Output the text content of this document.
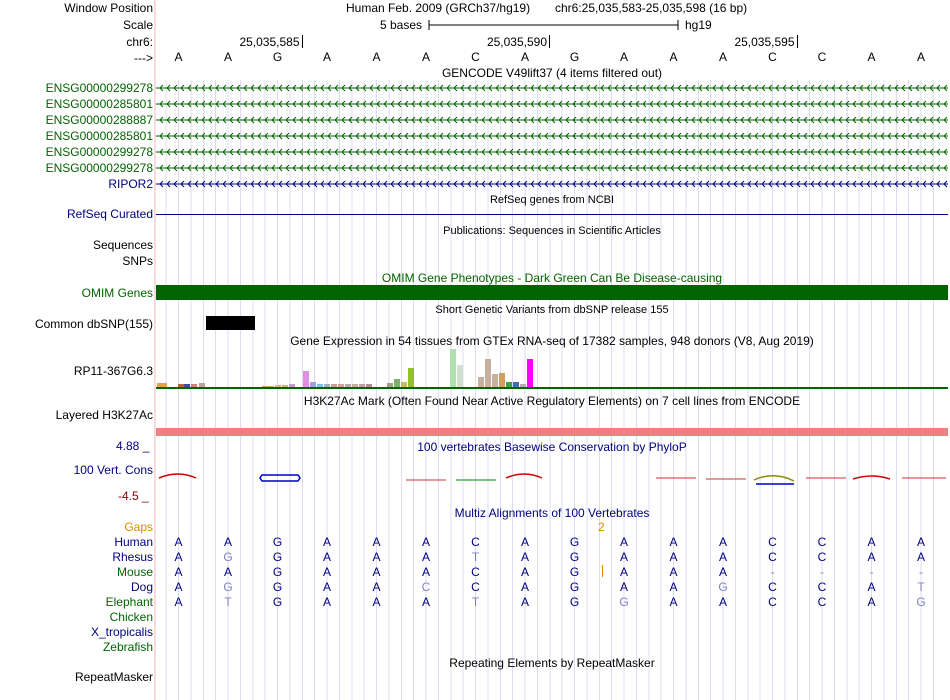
Window Position	Human Feb. 2009 (GRCh37/hg19) chr6:25,035,583-25,035,598 (16 bp)
Scale	5 bases	hg19
chr6:	25,035,585	25,035,590	25,035,595
---> A	A	G	A	A	A	C	A	G	A	A	A	C	C	A	A
GENCODE V49lift37 (4 items filtered out)
ENSG00000299278
ENSG00000285801
ENSG00000288887
ENSG00000285801
ENSG00000299278
ENSG00000299278
RIPOR2
RefSeq genes from NCBI
RefSeq Curated
Publications: Sequences in Scientific Articles
Sequences
SNPs
OMIM Gene Phenotypes - Dark Green Can Be Disease-causing
OMIM Genes
Short Genetic Variants from dbSNP release 155
Common dbSNP(155)
Gene Expression in 54 tissues from GTEx RNA-seq of 17382 samples, 948 donors (V8, Aug 2019)
RP11-367G6.3
H3K27Ac Mark (Often Found Near Active Regulatory Elements) on 7 cell lines from ENCODE
Layered H3K27Ac
4.88 _	100 vertebrates Basewise Conservation by PhyloP
100 Vert. Cons
-4.5 _
Multiz Alignments of 100 Vertebrates
Gaps	2
Human A	A	G	A	A	A	C	A	G	A	A	A	C	C	A	A
Rhesus A	G	G	A	A	A	T	A	G	A	A	A	C	C	A	A
Mouse A	A	G	A	A	A	C	A	G	A	A	A	-	-	-	-
Dog A	G	G	A	A	C	C	A	G	A	A	G	C	C	A	T
Elephant A	T	G	A	A	A	T	A	G	G	A	A	C	C	A	G
Chicken
X_tropicalis
Zebrafish
Repeating Elements by RepeatMasker
RepeatMasker
